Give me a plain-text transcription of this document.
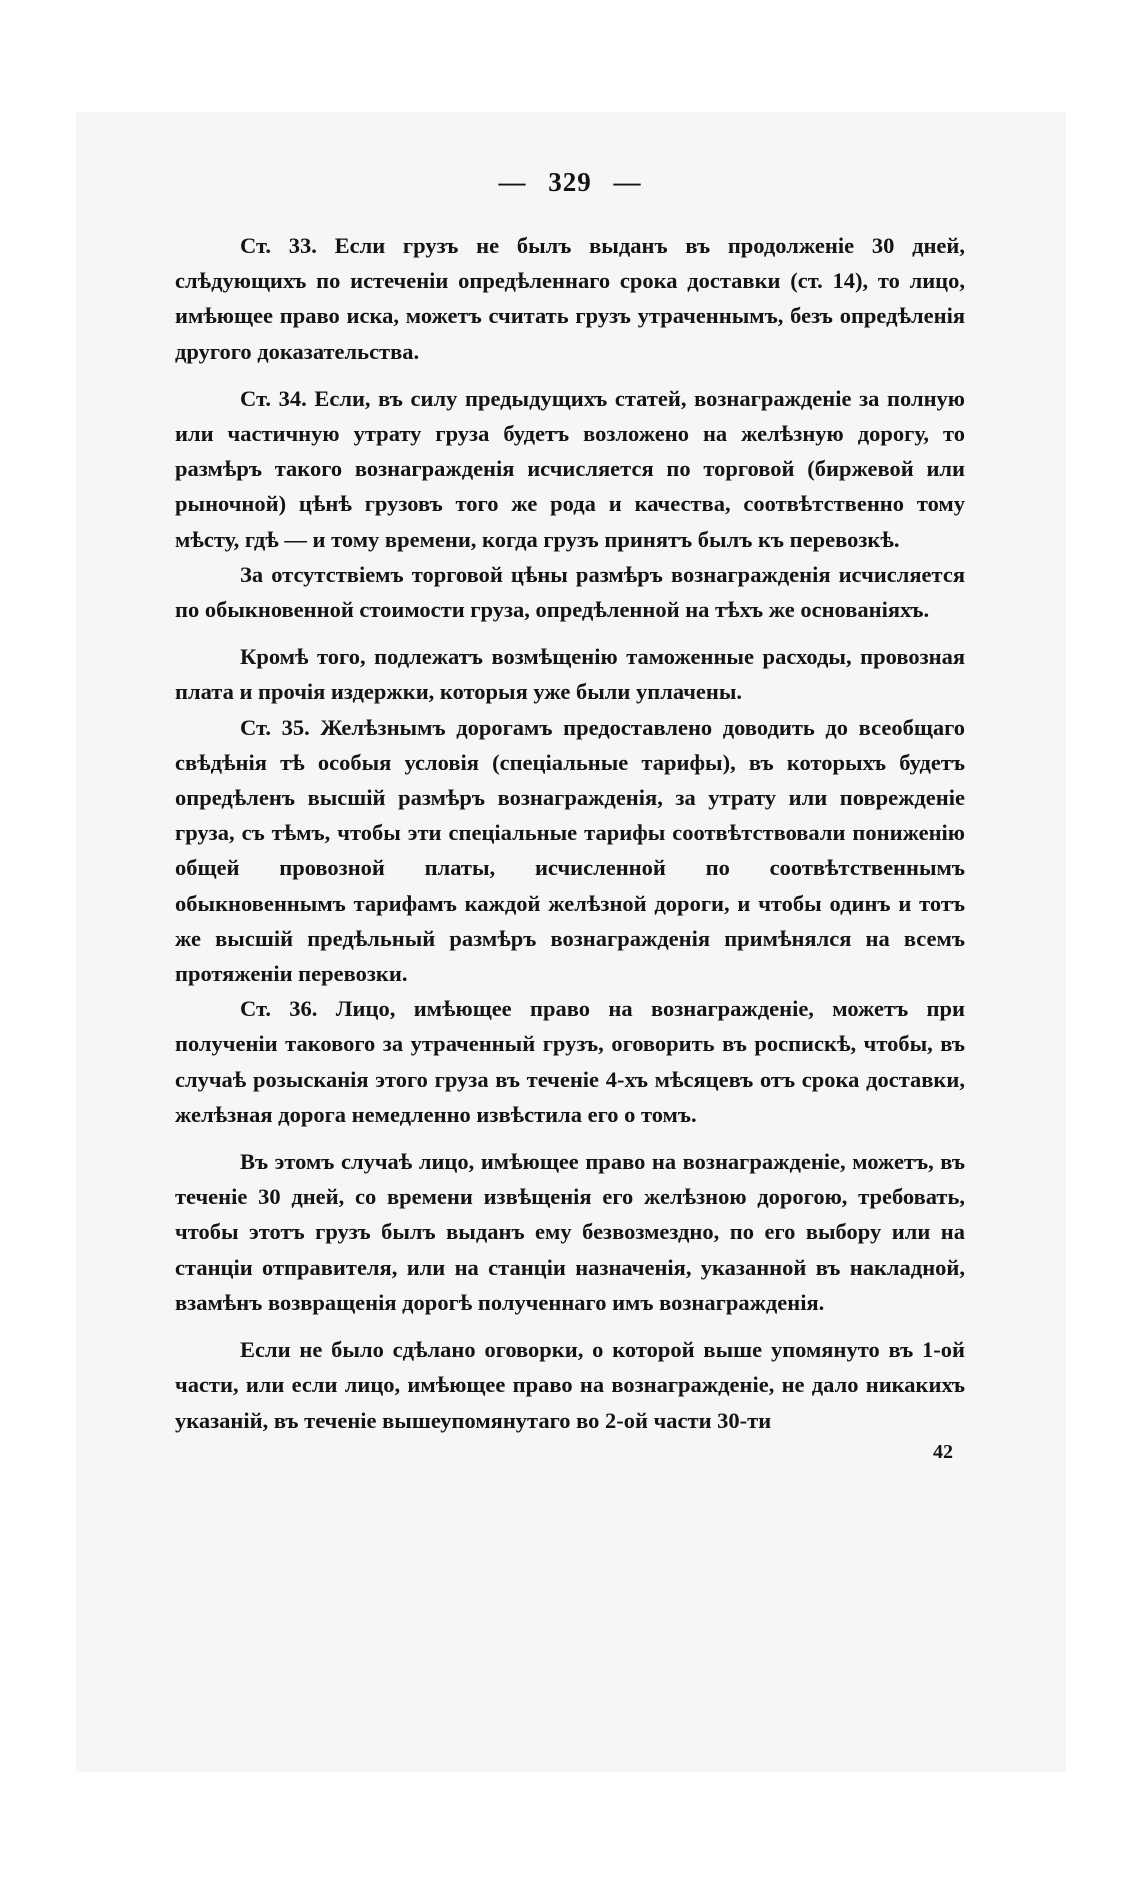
— 329 —

Ст. 33. Если грузъ не былъ выданъ въ продолженіе 30 дней, слѣдующихъ по истеченіи опредѣленнаго срока доставки (ст. 14), то лицо, имѣющее право иска, можетъ считать грузъ утраченнымъ, безъ опредѣленія другого доказательства.

Ст. 34. Если, въ силу предыдущихъ статей, вознагражденіе за полную или частичную утрату груза будетъ возложено на желѣзную дорогу, то размѣръ такого вознагражденія исчисляется по торговой (биржевой или рыночной) цѣнѣ грузовъ того же рода и качества, соотвѣтственно тому мѣсту, гдѣ — и тому времени, когда грузъ принятъ былъ къ перевозкѣ.

За отсутствіемъ торговой цѣны размѣръ вознагражденія исчисляется по обыкновенной стоимости груза, опредѣленной на тѣхъ же основаніяхъ.

Кромѣ того, подлежатъ возмѣщенію таможенные расходы, провозная плата и прочія издержки, которыя уже были уплачены.

Ст. 35. Желѣзнымъ дорогамъ предоставлено доводить до всеобщаго свѣдѣнія тѣ особыя условія (спеціальные тарифы), въ которыхъ будетъ опредѣленъ высшій размѣръ вознагражденія, за утрату или поврежденіе груза, съ тѣмъ, чтобы эти спеціальные тарифы соотвѣтствовали пониженію общей провозной платы, исчисленной по соотвѣтственнымъ обыкновеннымъ тарифамъ каждой желѣзной дороги, и чтобы одинъ и тотъ же высшій предѣльный размѣръ вознагражденія примѣнялся на всемъ протяженіи перевозки.

Ст. 36. Лицо, имѣющее право на вознагражденіе, можетъ при полученіи такового за утраченный грузъ, оговорить въ роспискѣ, чтобы, въ случаѣ розысканія этого груза въ теченіе 4-хъ мѣсяцевъ отъ срока доставки, желѣзная дорога немедленно извѣстила его о томъ.

Въ этомъ случаѣ лицо, имѣющее право на вознагражденіе, можетъ, въ теченіе 30 дней, со времени извѣщенія его желѣзною дорогою, требовать, чтобы этотъ грузъ былъ выданъ ему безвозмездно, по его выбору или на станціи отправителя, или на станціи назначенія, указанной въ накладной, взамѣнъ возвращенія дорогѣ полученнаго имъ вознагражденія.

Если не было сдѣлано оговорки, о которой выше упомянуто въ 1-ой части, или если лицо, имѣющее право на вознагражденіе, не дало никакихъ указаній, въ теченіе вышеупомянутаго во 2-ой части 30-ти

42
